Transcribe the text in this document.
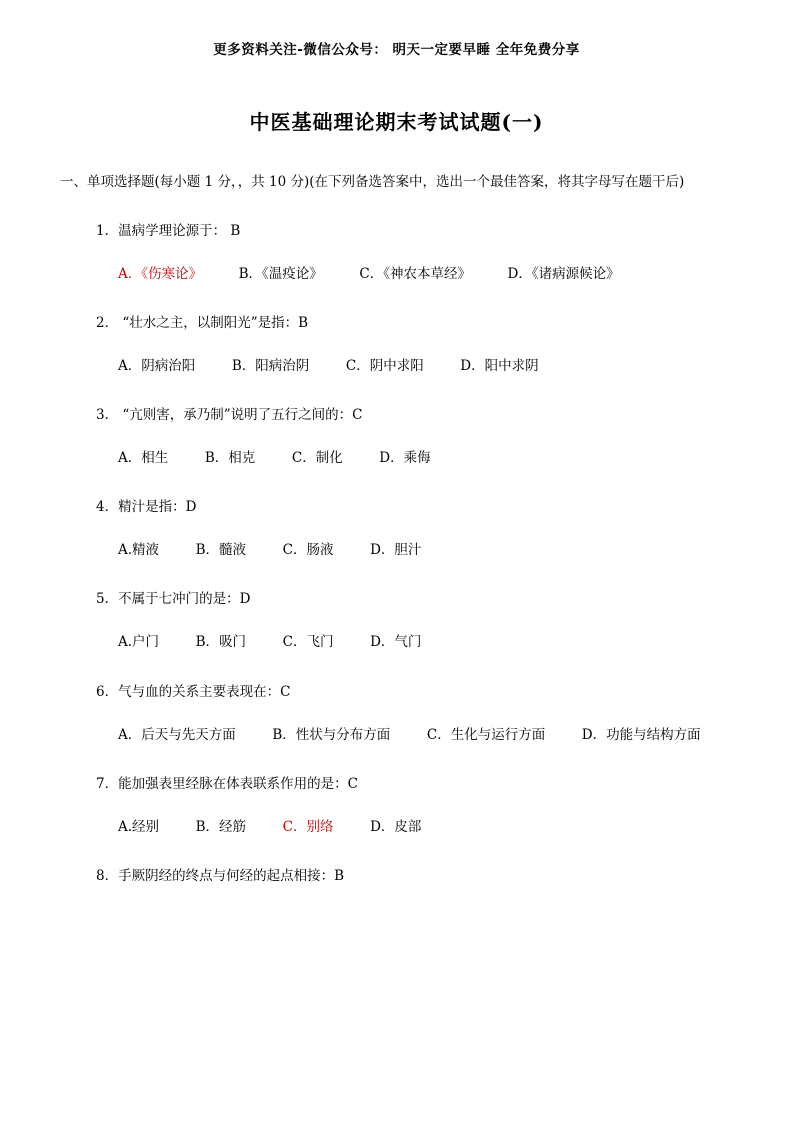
更多资料关注-微信公众号： 明天一定要早睡 全年免费分享
中医基础理论期末考试试题(一)
一、单项选择题(每小题 1 分，，共 10 分)(在下列备选答案中，选出一个最佳答案，将其字母写在题干后)
1．温病学理论源于： B
A．《伤寒论》	B．《温疫论》	C．《神农本草经》	D．《诸病源候论》
2． “壮水之主，以制阳光”是指：B
A．阴病治阳	B．阳病治阴	C．阴中求阳	D．阳中求阴
3． “亢则害，承乃制”说明了五行之间的：C
A．相生	B．相克	C．制化	D．乘侮
4．精汁是指：D
A.精液	B．髓液	C．肠液	D．胆汁
5．不属于七冲门的是：D
A.户门	B．吸门	C．飞门	D．气门
6．气与血的关系主要表现在：C
A．后天与先天方面	B．性状与分布方面	C．生化与运行方面	D．功能与结构方面
7．能加强表里经脉在体表联系作用的是：C
A.经别	B．经筋	C．别络	D．皮部
8．手厥阴经的终点与何经的起点相接：B
